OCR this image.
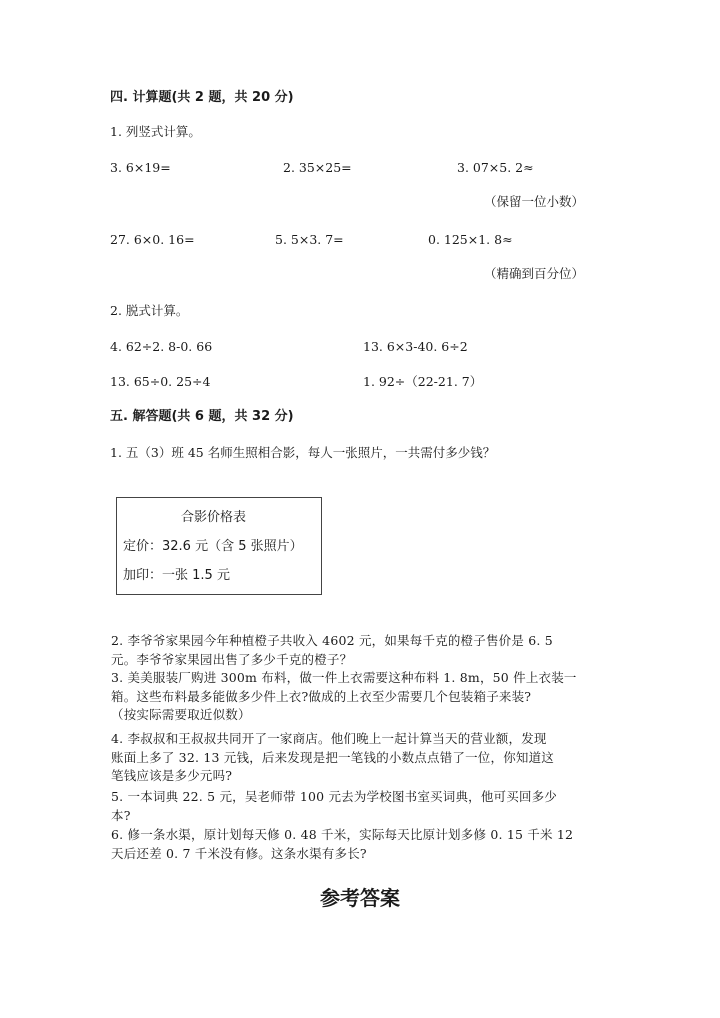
四. 计算题(共 2 题，共 20 分)
1. 列竖式计算。
3. 6×19=	2. 35×25=	3. 07×5. 2≈
（保留一位小数）
27. 6×0. 16=	5. 5×3. 7=	0. 125×1. 8≈
（精确到百分位）
2. 脱式计算。
4. 62÷2. 8-0. 66	13. 6×3-40. 6÷2
13. 65÷0. 25÷4	1. 92÷（22-21. 7）
五. 解答题(共 6 题，共 32 分)
1. 五（3）班 45 名师生照相合影，每人一张照片，一共需付多少钱？
合影价格表
定价：32.6 元（含 5 张照片）
加印：一张 1.5 元
2. 李爷爷家果园今年种植橙子共收入 4602 元，如果每千克的橙子售价是 6. 5
元。李爷爷家果园出售了多少千克的橙子？
3. 美美服装厂购进 300m 布料，做一件上衣需要这种布料 1. 8m，50 件上衣装一
箱。这些布料最多能做多少件上衣?做成的上衣至少需要几个包装箱子来装?
（按实际需要取近似数）
4. 李叔叔和王叔叔共同开了一家商店。他们晚上一起计算当天的营业额，发现
账面上多了 32. 13 元钱，后来发现是把一笔钱的小数点点错了一位，你知道这
笔钱应该是多少元吗?
5. 一本词典 22. 5 元，吴老师带 100 元去为学校图书室买词典，他可买回多少
本?
6. 修一条水渠，原计划每天修 0. 48 千米，实际每天比原计划多修 0. 15 千米 12
天后还差 0. 7 千米没有修。这条水渠有多长?
参考答案
